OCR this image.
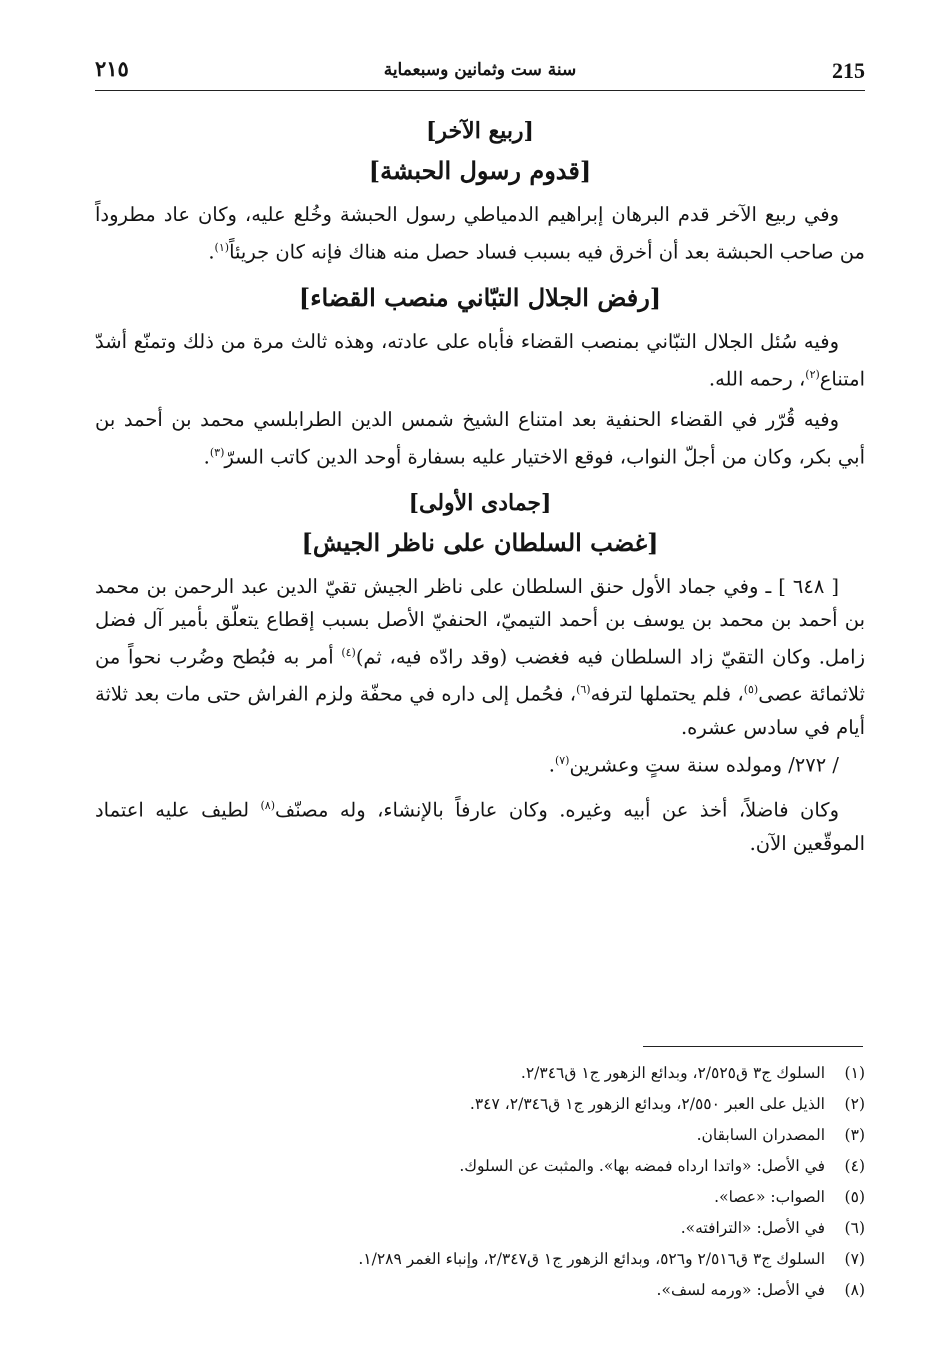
215
سنة ست وثمانين وسبعماية
٢١٥
[ربيع الآخر]
[قدوم رسول الحبشة]

وفي ربيع الآخر قدم البرهان إبراهيم الدمياطي رسول الحبشة وخُلع عليه، وكان عاد مطروداً من صاحب الحبشة بعد أن أخرق فيه بسبب فساد حصل منه هناك فإنه كان جريئاً$^{(١)}$.

[رفض الجلال التبّاني منصب القضاء]

وفيه سُئل الجلال التبّاني بمنصب القضاء فأباه على عادته، وهذه ثالث مرة من ذلك وتمنّع أشدّ امتناع$^{(٢)}$، رحمه الله.

وفيه قُرّر في القضاء الحنفية بعد امتناع الشيخ شمس الدين الطرابلسي محمد بن أحمد بن أبي بكر، وكان من أجلّ النواب، فوقع الاختيار عليه بسفارة أوحد الدين كاتب السرّ$^{(٣)}$.

[جمادى الأولى]
[غضب السلطان على ناظر الجيش]

[ ٦٤٨ ] ـ وفي جماد الأول حنق السلطان على ناظر الجيش تقيّ الدين عبد الرحمن بن محمد بن أحمد بن محمد بن يوسف بن أحمد التيميّ، الحنفيّ الأصل بسبب إقطاع يتعلّق بأمير آل فضل زامل. وكان التقيّ زاد السلطان فيه فغضب (وقد رادّه فيه، ثم)$^{(٤)}$ أمر به فبُطح وضُرب نحواً من ثلاثمائة عصى$^{(٥)}$، فلم يحتملها لترفه$^{(٦)}$، فحُمل إلى داره في محفّة ولزم الفراش حتى مات بعد ثلاثة أيام في سادس عشره.

/ ٢٧٢/ ومولده سنة ستٍ وعشرين$^{(٧)}$.

وكان فاضلاً، أخذ عن أبيه وغيره. وكان عارفاً بالإنشاء، وله مصنّف$^{(٨)}$ لطيف عليه اعتماد الموقّعين الآن.

(١)السلوك ج٣ ق٢/٥٢٥، وبدائع الزهور ج١ ق٢/٣٤٦.
(٢)الذيل على العبر ٢/٥٥٠، وبدائع الزهور ج١ ق٢/٣٤٦، ٣٤٧.
(٣)المصدران السابقان.
(٤)في الأصل: «واتدا ارداه فمضه بها». والمثبت عن السلوك.
(٥)الصواب: «عصا».
(٦)في الأصل: «الترافته».
(٧)السلوك ج٣ ق٢/٥١٦ و٥٢٦، وبدائع الزهور ج١ ق٢/٣٤٧، وإنباء الغمر ١/٢٨٩.
(٨)في الأصل: «ورمه لسف».
